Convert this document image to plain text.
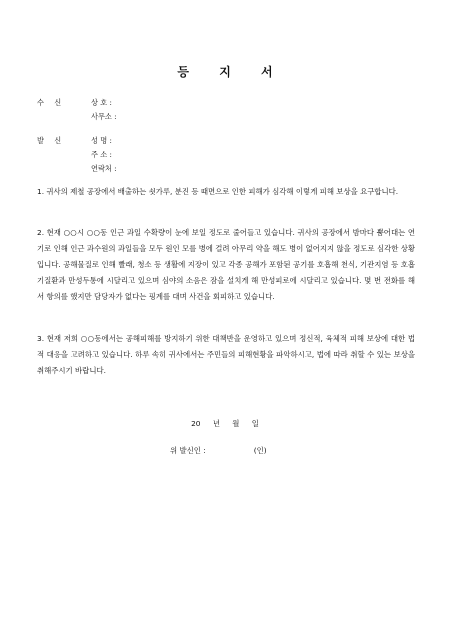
등 지 서
수 신	상 호 :
사무소 :
발 신	성 명 :
주 소 :
연락처 :
1. 귀사의 제철 공장에서 배출하는 쇳가루, 분진 등 때면으로 인한 피해가 심각해 이렇게 피해 보상을 요구합니다.
2. 현재 ○○시 ○○동 인근 과일 수확량이 눈에 보일 정도로 줄어들고 있습니다. 귀사의 공장에서 밤마다 뿜어대는 연기로 인해 인근 과수원의 과일들을 모두 원인 모를 병에 걸려 아무리 약을 해도 병이 없어지지 않을 정도로 심각한 상황입니다. 공해물질로 인해 빨래, 청소 등 생활에 지장이 있고 각종 공해가 포함된 공기를 호흡해 천식, 기관지염 등 호흡기질환과 만성두통에 시달리고 있으며 심야의 소음은 잠을 설치게 해 만성피로에 시달리고 있습니다. 몇 번 전화를 해서 항의를 했지만 담당자가 없다는 핑계를 대며 사건을 회피하고 있습니다.
3. 현재 저희 ○○동에서는 공해피해를 방지하기 위한 대책반을 운영하고 있으며 정신적, 육체적 피해 보상에 대한 법적 대응을 고려하고 있습니다. 하루 속히 귀사에서는 주민들의 피해현황을 파악하시고, 법에 따라 취할 수 있는 보상을 취해주시기 바랍니다.
20 년 월 일
위 발신인 :	(인)
